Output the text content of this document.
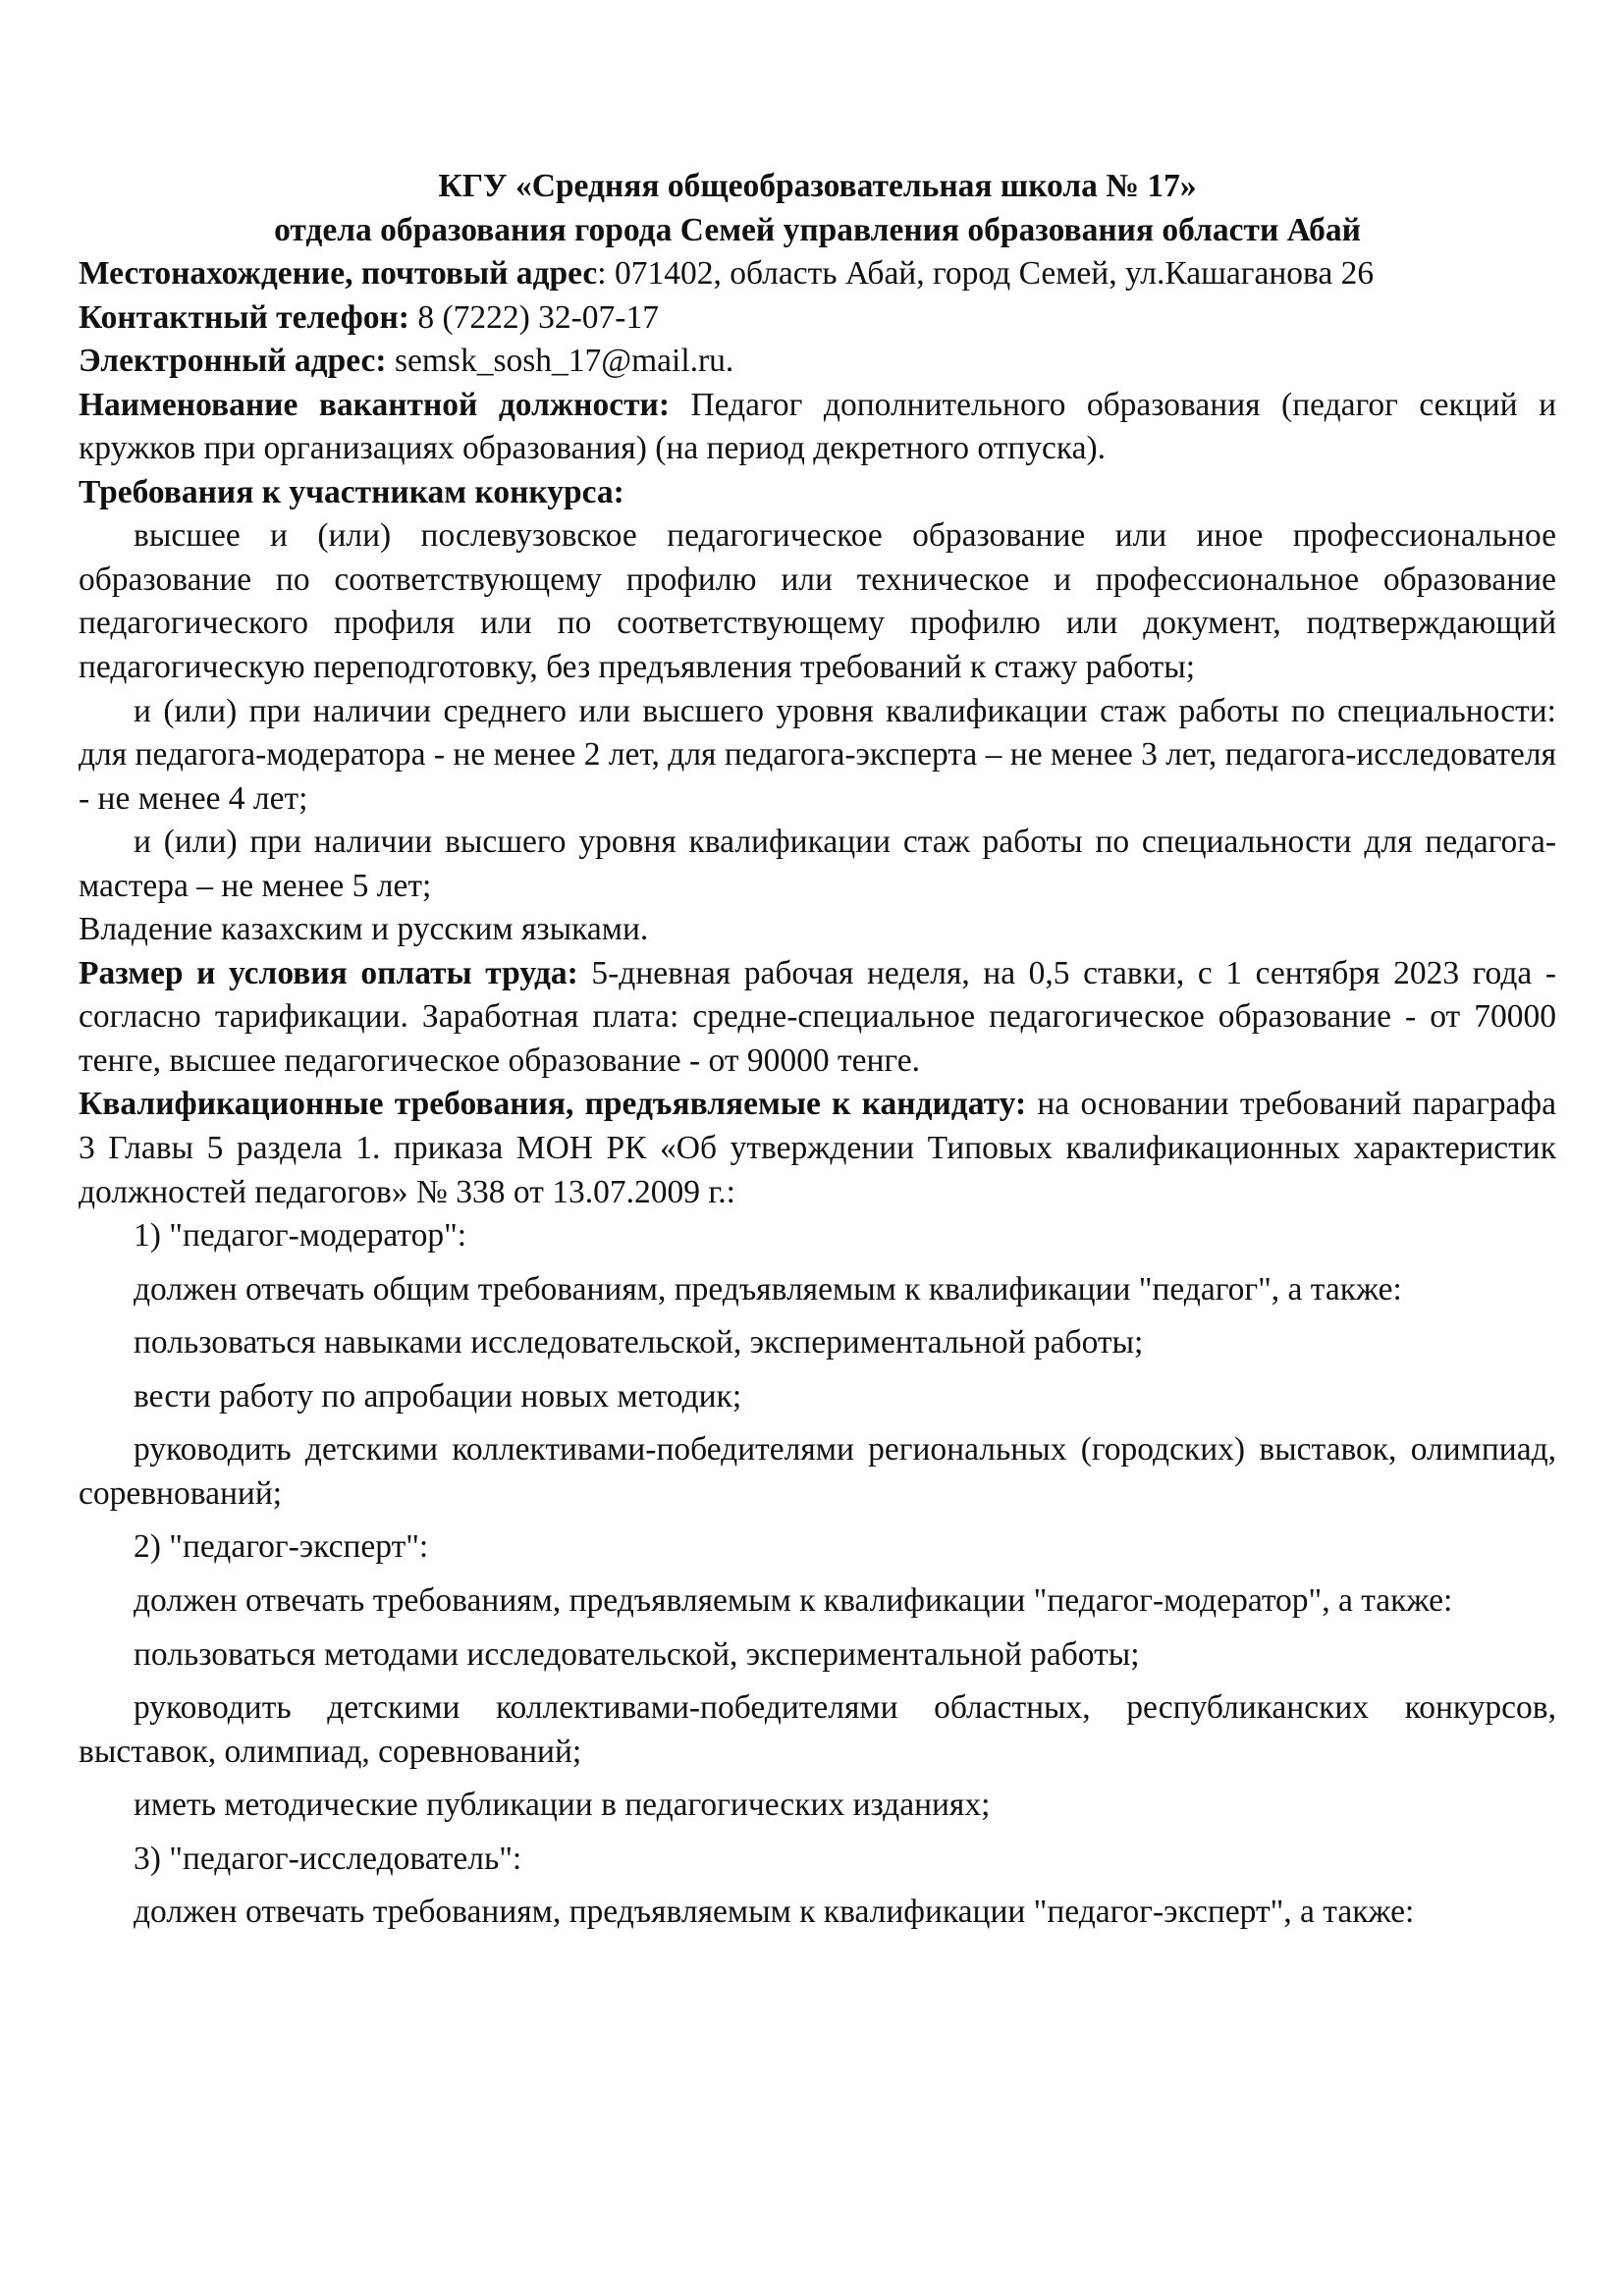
КГУ «Средняя общеобразовательная школа № 17»

отдела образования города Семей управления образования области Абай

Местонахождение, почтовый адрес: 071402, область Абай, город Семей, ул.Кашаганова 26

Контактный телефон: 8 (7222) 32-07-17

Электронный адрес: semsk_sosh_17@mail.ru.

Наименование вакантной должности: Педагог дополнительного образования (педагог секций и кружков при организациях образования) (на период декретного отпуска).

Требования к участникам конкурса:

высшее и (или) послевузовское педагогическое образование или иное профессиональное образование по соответствующему профилю или техническое и профессиональное образование педагогического профиля или по соответствующему профилю или документ, подтверждающий педагогическую переподготовку, без предъявления требований к стажу работы;

и (или) при наличии среднего или высшего уровня квалификации стаж работы по специальности: для педагога-модератора - не менее 2 лет, для педагога-эксперта – не менее 3 лет, педагога-исследователя - не менее 4 лет;

и (или) при наличии высшего уровня квалификации стаж работы по специальности для педагога-мастера – не менее 5 лет;

Владение казахским и русским языками.

Размер и условия оплаты труда: 5-дневная рабочая неделя, на 0,5 ставки, с 1 сентября 2023 года - согласно тарификации. Заработная плата: средне-специальное педагогическое образование - от 70000 тенге, высшее педагогическое образование - от 90000 тенге.

Квалификационные требования, предъявляемые к кандидату: на основании требований параграфа 3 Главы 5 раздела 1. приказа МОН РК «Об утверждении Типовых квалификационных характеристик должностей педагогов» № 338 от 13.07.2009 г.:

1) "педагог-модератор":

должен отвечать общим требованиям, предъявляемым к квалификации "педагог", а также:

пользоваться навыками исследовательской, экспериментальной работы;

вести работу по апробации новых методик;

руководить детскими коллективами-победителями региональных (городских) выставок, олимпиад, соревнований;

2) "педагог-эксперт":

должен отвечать требованиям, предъявляемым к квалификации "педагог-модератор", а также:

пользоваться методами исследовательской, экспериментальной работы;

руководить детскими коллективами-победителями областных, республиканских конкурсов, выставок, олимпиад, соревнований;

иметь методические публикации в педагогических изданиях;

3) "педагог-исследователь":

должен отвечать требованиям, предъявляемым к квалификации "педагог-эксперт", а также:
